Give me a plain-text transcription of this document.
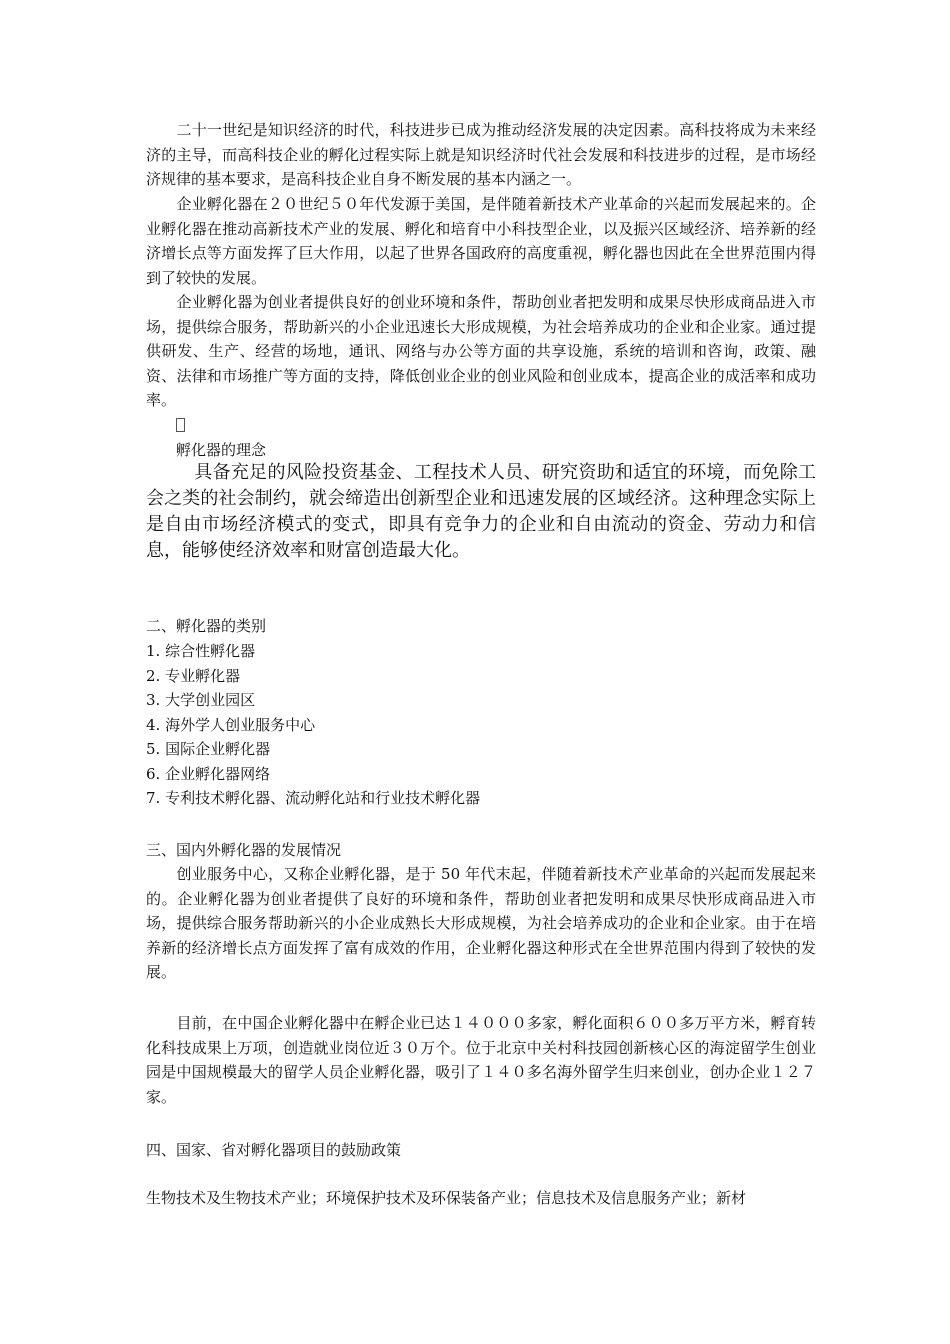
　　二十一世纪是知识经济的时代，科技进步已成为推动经济发展的决定因素。高科技将成为未来经济的主导，而高科技企业的孵化过程实际上就是知识经济时代社会发展和科技进步的过程，是市场经济规律的基本要求，是高科技企业自身不断发展的基本内涵之一。

　　企业孵化器在２０世纪５０年代发源于美国，是伴随着新技术产业革命的兴起而发展起来的。企业孵化器在推动高新技术产业的发展、孵化和培育中小科技型企业，以及振兴区域经济、培养新的经济增长点等方面发挥了巨大作用，以起了世界各国政府的高度重视，孵化器也因此在全世界范围内得到了较快的发展。

　　企业孵化器为创业者提供良好的创业环境和条件，帮助创业者把发明和成果尽快形成商品进入市场，提供综合服务，帮助新兴的小企业迅速长大形成规模，为社会培养成功的企业和企业家。通过提供研发、生产、经营的场地，通讯、网络与办公等方面的共享设施，系统的培训和咨询，政策、融资、法律和市场推广等方面的支持，降低创业企业的创业风险和创业成本，提高企业的成活率和成功率。

孵化器的理念

　具备充足的风险投资基金、工程技术人员、研究资助和适宜的环境，而免除工会之类的社会制约，就会缔造出创新型企业和迅速发展的区域经济。这种理念实际上是自由市场经济模式的变式，即具有竞争力的企业和自由流动的资金、劳动力和信息，能够使经济效率和财富创造最大化。

二、孵化器的类别

1. 综合性孵化器

2. 专业孵化器

3. 大学创业园区

4. 海外学人创业服务中心

5. 国际企业孵化器

6. 企业孵化器网络

7. 专利技术孵化器、流动孵化站和行业技术孵化器

三、国内外孵化器的发展情况

　　创业服务中心，又称企业孵化器，是于 50 年代末起，伴随着新技术产业革命的兴起而发展起来的。企业孵化器为创业者提供了良好的环境和条件，帮助创业者把发明和成果尽快形成商品进入市场，提供综合服务帮助新兴的小企业成熟长大形成规模，为社会培养成功的企业和企业家。由于在培养新的经济增长点方面发挥了富有成效的作用，企业孵化器这种形式在全世界范围内得到了较快的发展。

　　目前，在中国企业孵化器中在孵企业已达１４０００多家，孵化面积６００多万平方米，孵育转化科技成果上万项，创造就业岗位近３０万个。位于北京中关村科技园创新核心区的海淀留学生创业园是中国规模最大的留学人员企业孵化器，吸引了１４０多名海外留学生归来创业，创办企业１２７家。

四、国家、省对孵化器项目的鼓励政策

生物技术及生物技术产业；环境保护技术及环保装备产业；信息技术及信息服务产业；新材
